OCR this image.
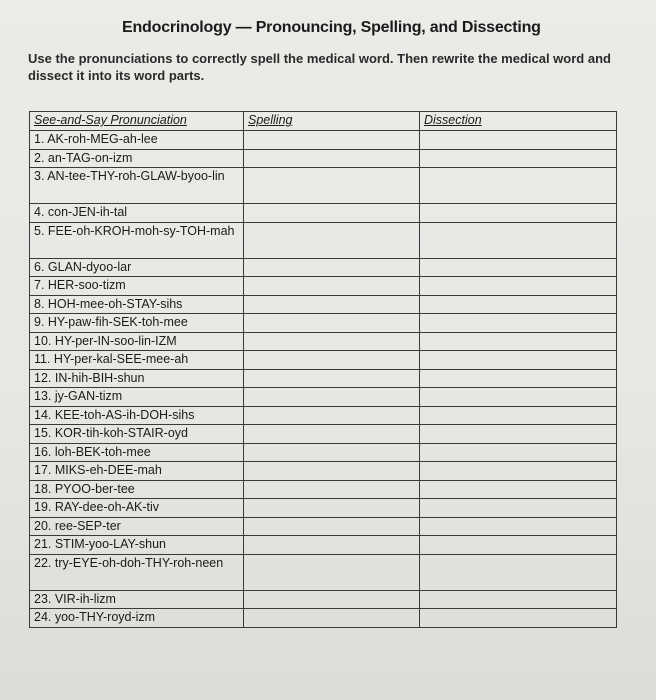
Endocrinology — Pronouncing, Spelling, and Dissecting
Use the pronunciations to correctly spell the medical word. Then rewrite the medical word and dissect it into its word parts.
See-and-Say Pronunciation	Spelling	Dissection
1. AK-roh-MEG-ah-lee		
2. an-TAG-on-izm		
3. AN-tee-THY-roh-GLAW-byoo-lin		
4. con-JEN-ih-tal		
5. FEE-oh-KROH-moh-sy-TOH-mah		
6. GLAN-dyoo-lar		
7. HER-soo-tizm		
8. HOH-mee-oh-STAY-sihs		
9. HY-paw-fih-SEK-toh-mee		
10. HY-per-IN-soo-lin-IZM		
11. HY-per-kal-SEE-mee-ah		
12. IN-hih-BIH-shun		
13. jy-GAN-tizm		
14. KEE-toh-AS-ih-DOH-sihs		
15. KOR-tih-koh-STAIR-oyd		
16. loh-BEK-toh-mee		
17. MIKS-eh-DEE-mah		
18. PYOO-ber-tee		
19. RAY-dee-oh-AK-tiv		
20. ree-SEP-ter		
21. STIM-yoo-LAY-shun		
22. try-EYE-oh-doh-THY-roh-neen		
23. VIR-ih-lizm		
24. yoo-THY-royd-izm		
